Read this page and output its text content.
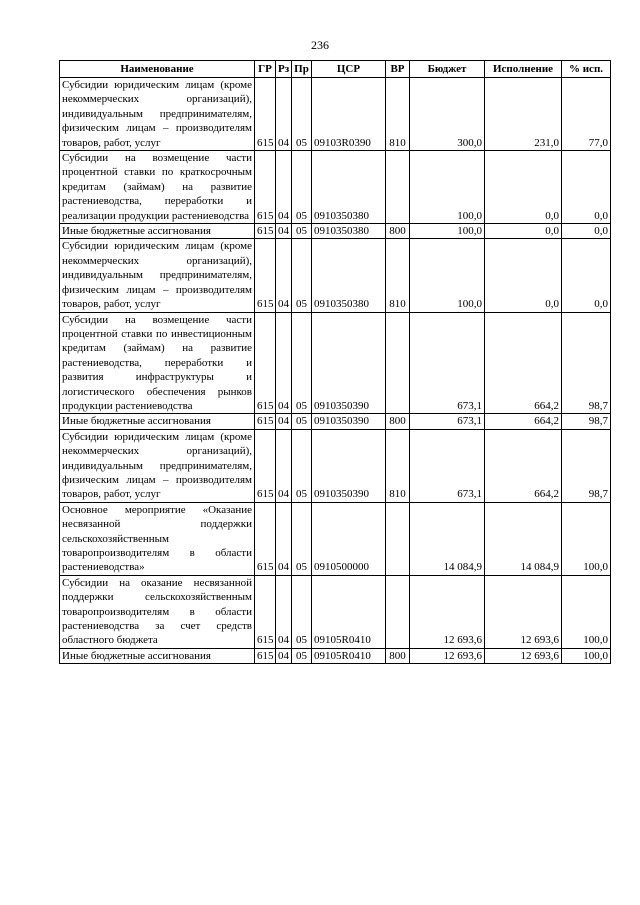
236
Наименование	ГР	Рз	Пр	ЦСР	ВР	Бюджет	Исполнение	% исп.
Субсидии юридическим лицам (кроме некоммерческих организаций), индивидуальным предпринимателям, физическим лицам – производителям товаров, работ, услуг	615	04	05	09103R0390	810	300,0	231,0	77,0
Субсидии на возмещение части процентной ставки по краткосрочным кредитам (займам) на развитие растениеводства, переработки и реализации продукции растениеводства	615	04	05	0910350380		100,0	0,0	0,0
Иные бюджетные ассигнования	615	04	05	0910350380	800	100,0	0,0	0,0
Субсидии юридическим лицам (кроме некоммерческих организаций), индивидуальным предпринимателям, физическим лицам – производителям товаров, работ, услуг	615	04	05	0910350380	810	100,0	0,0	0,0
Субсидии на возмещение части процентной ставки по инвестиционным кредитам (займам) на развитие растениеводства, переработки и развития инфраструктуры и логистического обеспечения рынков продукции растениеводства	615	04	05	0910350390		673,1	664,2	98,7
Иные бюджетные ассигнования	615	04	05	0910350390	800	673,1	664,2	98,7
Субсидии юридическим лицам (кроме некоммерческих организаций), индивидуальным предпринимателям, физическим лицам – производителям товаров, работ, услуг	615	04	05	0910350390	810	673,1	664,2	98,7
Основное мероприятие «Оказание несвязанной поддержки сельскохозяйственным товаропроизводителям в области растениеводства»	615	04	05	0910500000		14 084,9	14 084,9	100,0
Субсидии на оказание несвязанной поддержки сельскохозяйственным товаропроизводителям в области растениеводства за счет средств областного бюджета	615	04	05	09105R0410		12 693,6	12 693,6	100,0
Иные бюджетные ассигнования	615	04	05	09105R0410	800	12 693,6	12 693,6	100,0
